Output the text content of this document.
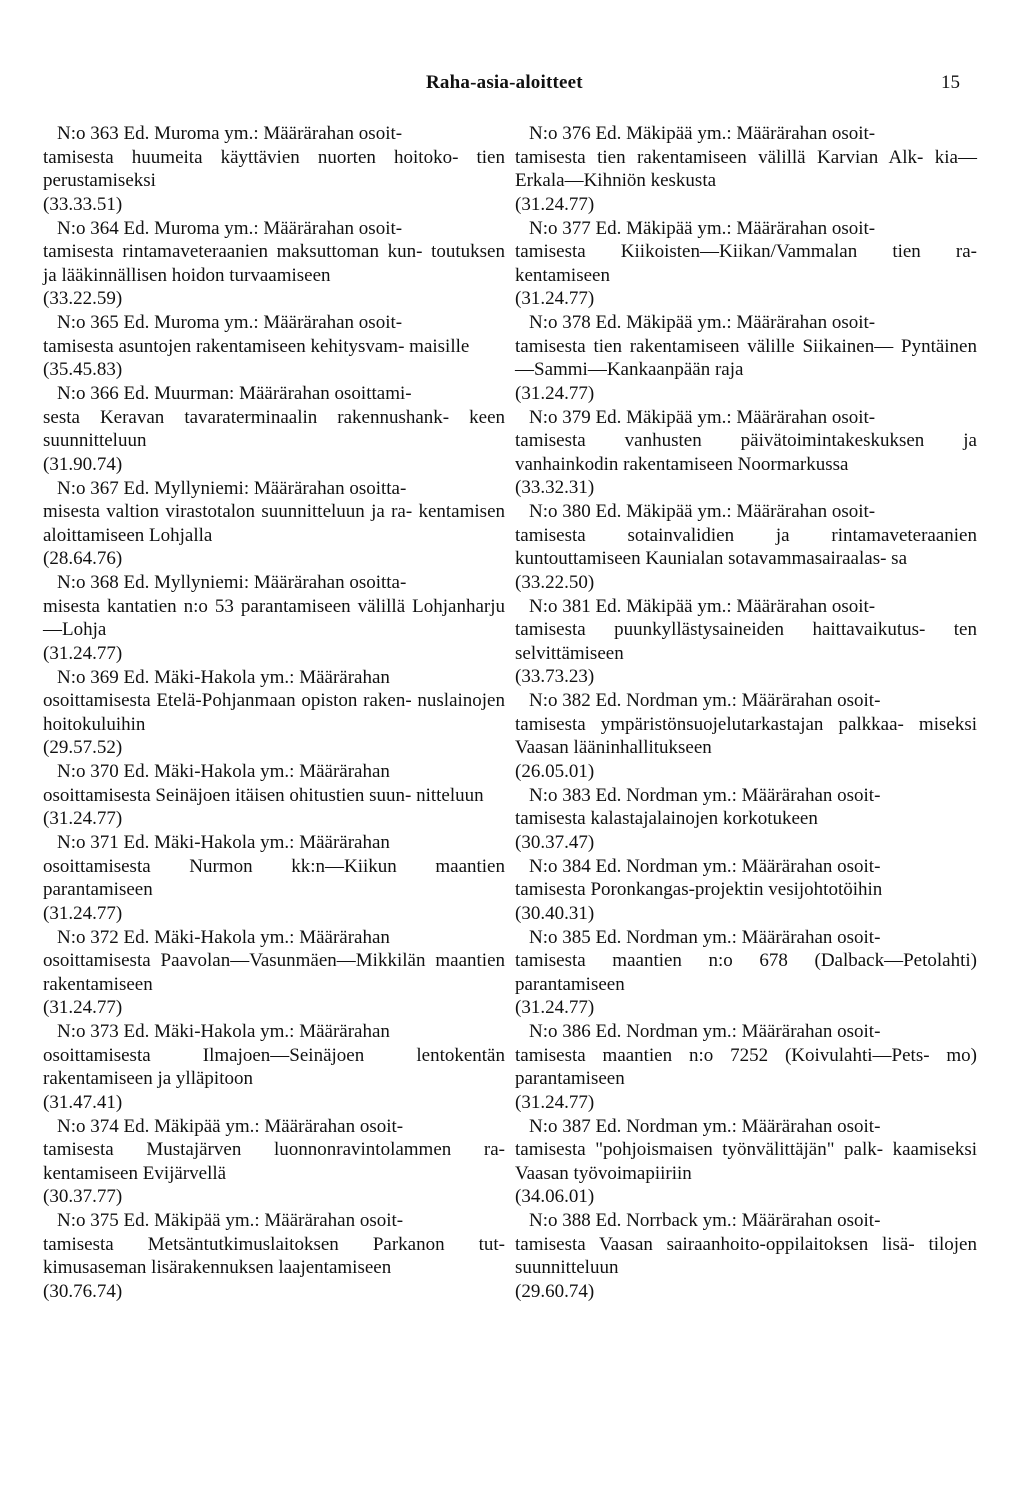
Raha-asia-aloitteet	15
N:o 363 Ed. Muroma ym.: Määrärahan osoit-
tamisesta huumeita käyttävien nuorten hoitoko- tien perustamiseksi
(33.33.51)
N:o 364 Ed. Muroma ym.: Määrärahan osoit-
tamisesta rintamaveteraanien maksuttoman kun- toutuksen ja lääkinnällisen hoidon turvaamiseen
(33.22.59)
N:o 365 Ed. Muroma ym.: Määrärahan osoit-
tamisesta asuntojen rakentamiseen kehitysvam- maisille
(35.45.83)
N:o 366 Ed. Muurman: Määrärahan osoittami-
sesta Keravan tavaraterminaalin rakennushank- keen suunnitteluun
(31.90.74)
N:o 367 Ed. Myllyniemi: Määrärahan osoitta-
misesta valtion virastotalon suunnitteluun ja ra- kentamisen aloittamiseen Lohjalla
(28.64.76)
N:o 368 Ed. Myllyniemi: Määrärahan osoitta-
misesta kantatien n:o 53 parantamiseen välillä Lohjanharju—Lohja
(31.24.77)
N:o 369 Ed. Mäki-Hakola ym.: Määrärahan
osoittamisesta Etelä-Pohjanmaan opiston raken- nuslainojen hoitokuluihin
(29.57.52)
N:o 370 Ed. Mäki-Hakola ym.: Määrärahan
osoittamisesta Seinäjoen itäisen ohitustien suun- nitteluun
(31.24.77)
N:o 371 Ed. Mäki-Hakola ym.: Määrärahan
osoittamisesta Nurmon kk:n—Kiikun maantien parantamiseen
(31.24.77)
N:o 372 Ed. Mäki-Hakola ym.: Määrärahan
osoittamisesta Paavolan—Vasunmäen—Mikkilän maantien rakentamiseen
(31.24.77)
N:o 373 Ed. Mäki-Hakola ym.: Määrärahan
osoittamisesta Ilmajoen—Seinäjoen lentokentän rakentamiseen ja ylläpitoon
(31.47.41)
N:o 374 Ed. Mäkipää ym.: Määrärahan osoit-
tamisesta Mustajärven luonnonravintolammen ra- kentamiseen Evijärvellä
(30.37.77)
N:o 375 Ed. Mäkipää ym.: Määrärahan osoit-
tamisesta Metsäntutkimuslaitoksen Parkanon tut- kimusaseman lisärakennuksen laajentamiseen
(30.76.74)
N:o 376 Ed. Mäkipää ym.: Määrärahan osoit-
tamisesta tien rakentamiseen välillä Karvian Alk- kia—Erkala—Kihniön keskusta
(31.24.77)
N:o 377 Ed. Mäkipää ym.: Määrärahan osoit-
tamisesta Kiikoisten—Kiikan/Vammalan tien ra- kentamiseen
(31.24.77)
N:o 378 Ed. Mäkipää ym.: Määrärahan osoit-
tamisesta tien rakentamiseen välille Siikainen— Pyntäinen—Sammi—Kankaanpään raja
(31.24.77)
N:o 379 Ed. Mäkipää ym.: Määrärahan osoit-
tamisesta vanhusten päivätoimintakeskuksen ja vanhainkodin rakentamiseen Noormarkussa
(33.32.31)
N:o 380 Ed. Mäkipää ym.: Määrärahan osoit-
tamisesta sotainvalidien ja rintamaveteraanien kuntouttamiseen Kaunialan sotavammasairaalas- sa
(33.22.50)
N:o 381 Ed. Mäkipää ym.: Määrärahan osoit-
tamisesta puunkyllästysaineiden haittavaikutus- ten selvittämiseen
(33.73.23)
N:o 382 Ed. Nordman ym.: Määrärahan osoit-
tamisesta ympäristönsuojelutarkastajan palkkaa- miseksi Vaasan lääninhallitukseen
(26.05.01)
N:o 383 Ed. Nordman ym.: Määrärahan osoit-
tamisesta kalastajalainojen korkotukeen
(30.37.47)
N:o 384 Ed. Nordman ym.: Määrärahan osoit-
tamisesta Poronkangas-projektin vesijohtotöihin
(30.40.31)
N:o 385 Ed. Nordman ym.: Määrärahan osoit-
tamisesta maantien n:o 678 (Dalback—Petolahti) parantamiseen
(31.24.77)
N:o 386 Ed. Nordman ym.: Määrärahan osoit-
tamisesta maantien n:o 7252 (Koivulahti—Pets- mo) parantamiseen
(31.24.77)
N:o 387 Ed. Nordman ym.: Määrärahan osoit-
tamisesta "pohjoismaisen työnvälittäjän" palk- kaamiseksi Vaasan työvoimapiiriin
(34.06.01)
N:o 388 Ed. Norrback ym.: Määrärahan osoit-
tamisesta Vaasan sairaanhoito-oppilaitoksen lisä- tilojen suunnitteluun
(29.60.74)
